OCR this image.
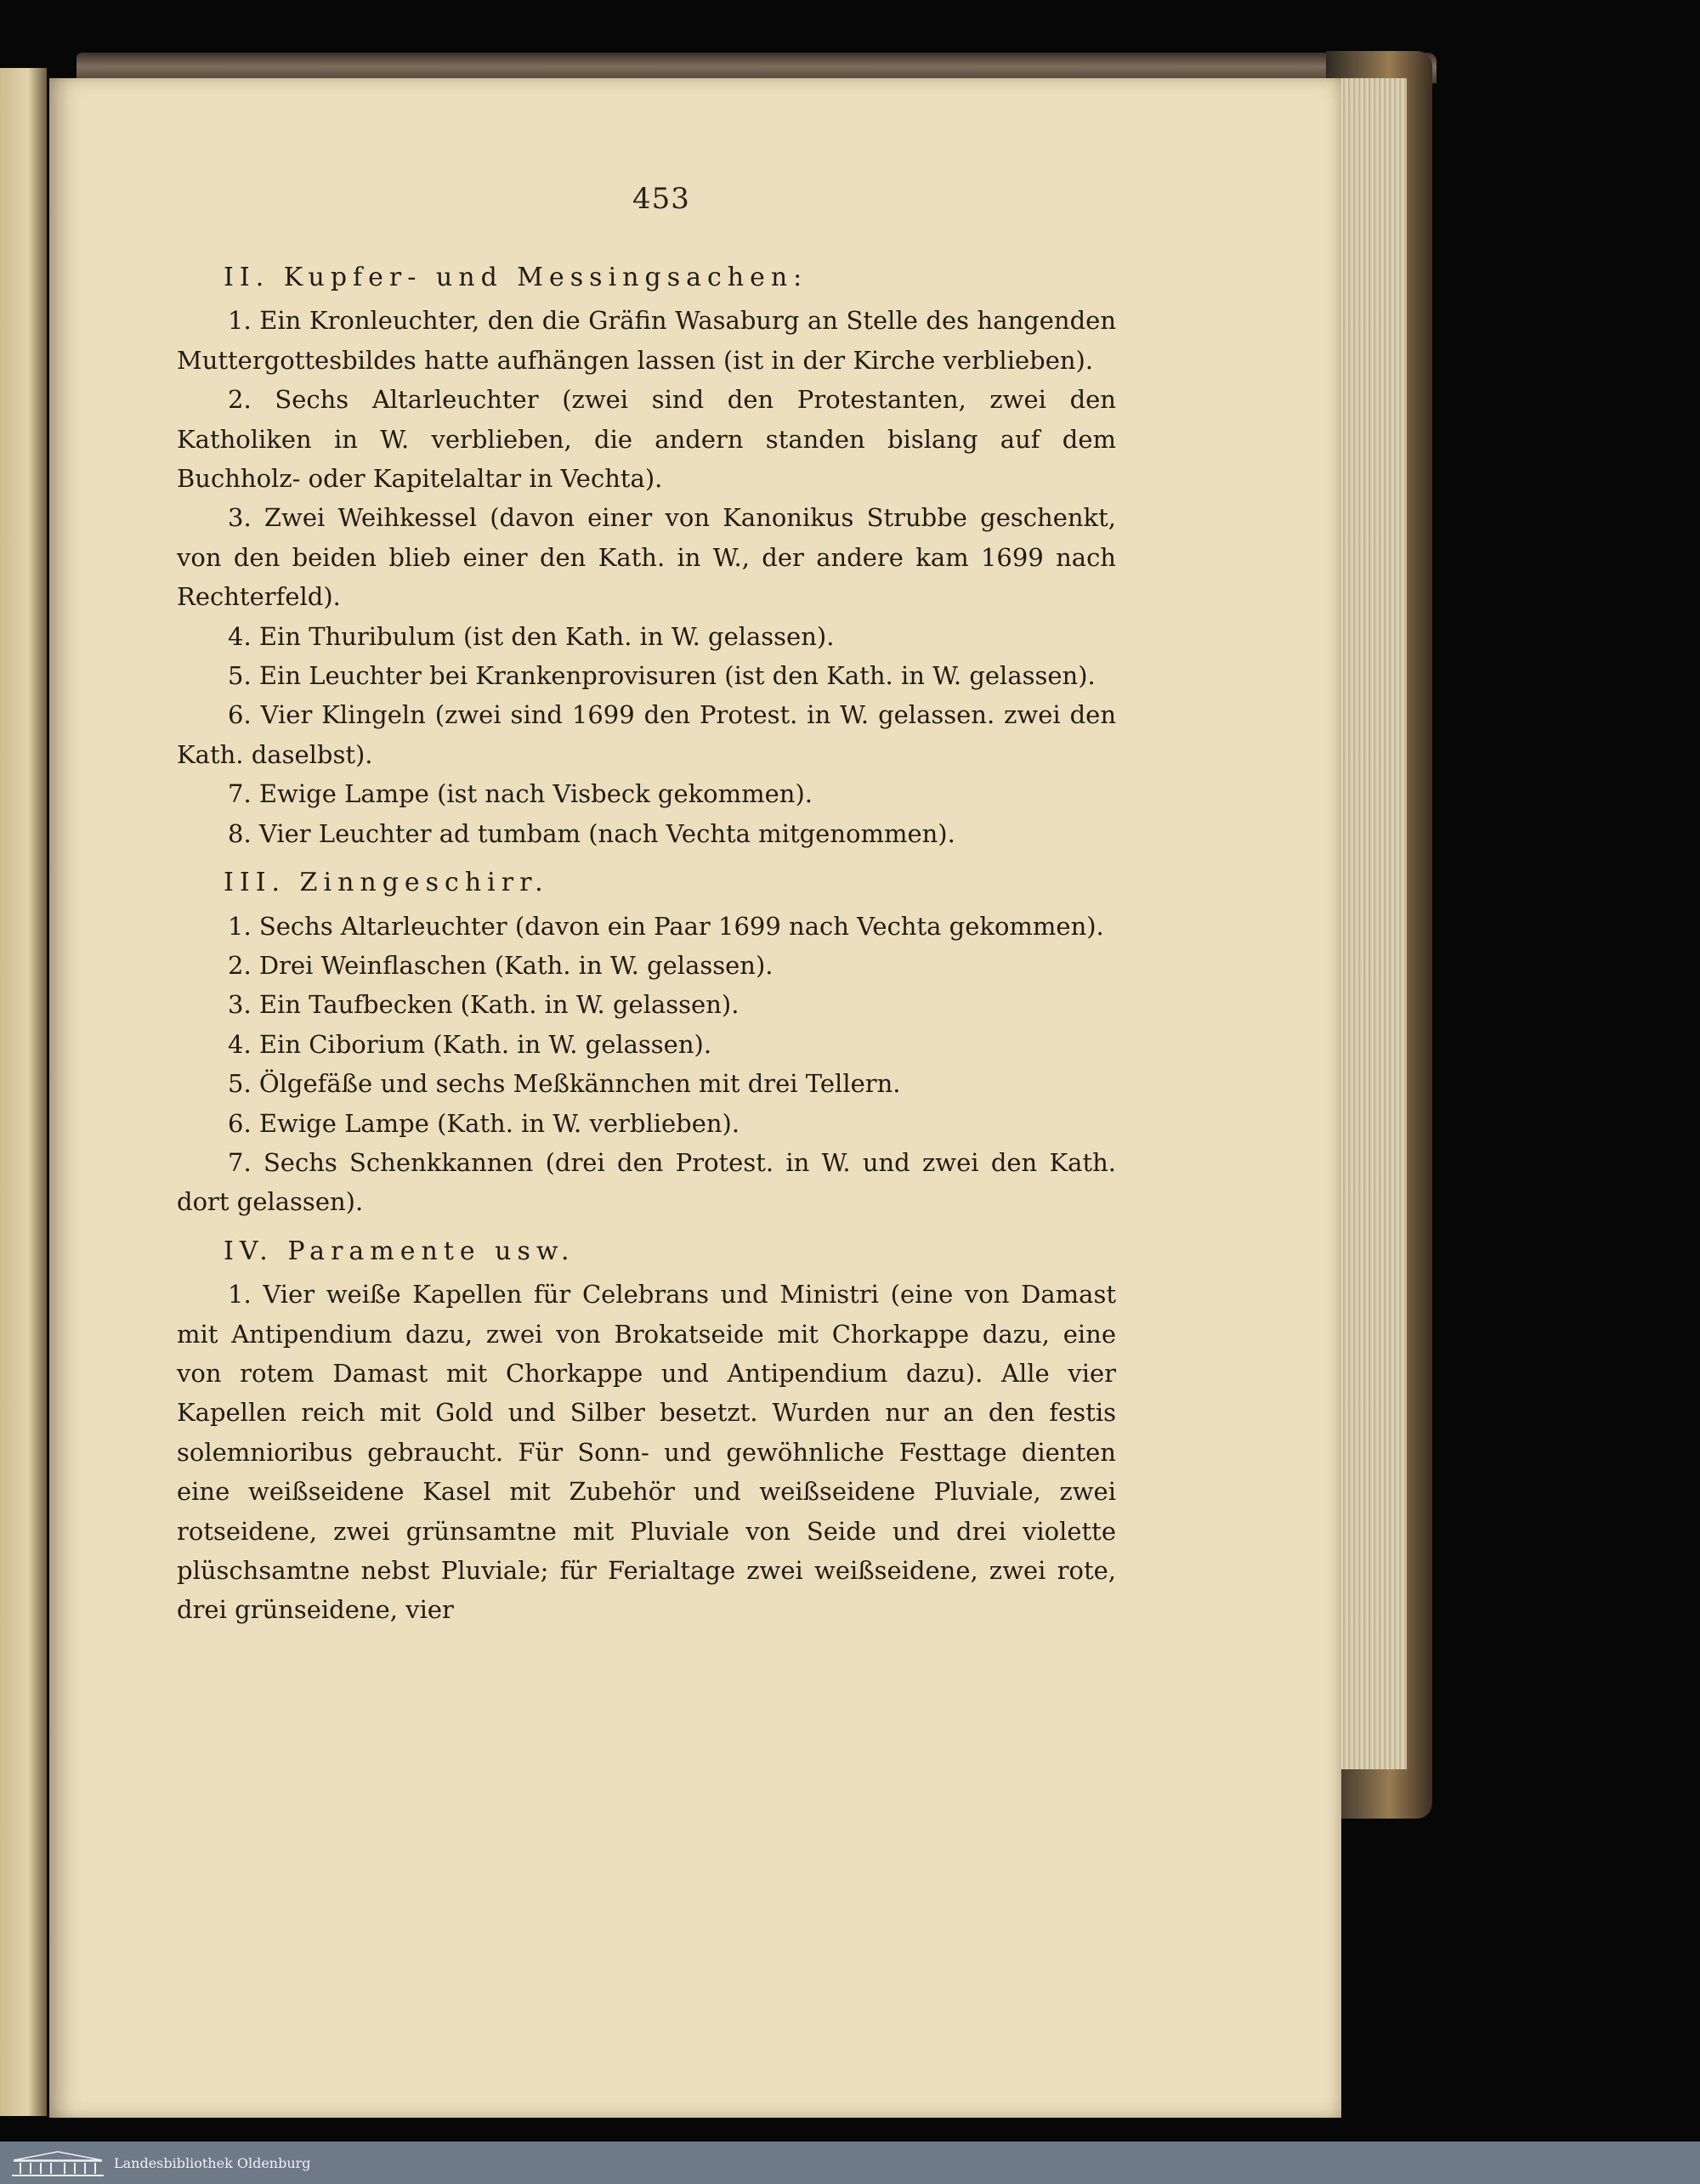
453

II. Kupfer- und Messingsachen:

1. Ein Kronleuchter, den die Gräfin Wasaburg an Stelle des hangenden Muttergottesbildes hatte aufhängen lassen (ist in der Kirche verblieben).

2. Sechs Altarleuchter (zwei sind den Protestanten, zwei den Katholiken in W. verblieben, die andern standen bislang auf dem Buchholz- oder Kapitelaltar in Vechta).

3. Zwei Weihkessel (davon einer von Kanonikus Strubbe geschenkt, von den beiden blieb einer den Kath. in W., der andere kam 1699 nach Rechterfeld).

4. Ein Thuribulum (ist den Kath. in W. gelassen).

5. Ein Leuchter bei Krankenprovisuren (ist den Kath. in W. gelassen).

6. Vier Klingeln (zwei sind 1699 den Protest. in W. gelassen. zwei den Kath. daselbst).

7. Ewige Lampe (ist nach Visbeck gekommen).

8. Vier Leuchter ad tumbam (nach Vechta mitgenommen).

III. Zinngeschirr.

1. Sechs Altarleuchter (davon ein Paar 1699 nach Vechta gekommen).

2. Drei Weinflaschen (Kath. in W. gelassen).

3. Ein Taufbecken (Kath. in W. gelassen).

4. Ein Ciborium (Kath. in W. gelassen).

5. Ölgefäße und sechs Meßkännchen mit drei Tellern.

6. Ewige Lampe (Kath. in W. verblieben).

7. Sechs Schenkkannen (drei den Protest. in W. und zwei den Kath. dort gelassen).

IV. Paramente usw.

1. Vier weiße Kapellen für Celebrans und Ministri (eine von Damast mit Antipendium dazu, zwei von Brokatseide mit Chorkappe dazu, eine von rotem Damast mit Chorkappe und Antipendium dazu). Alle vier Kapellen reich mit Gold und Silber besetzt. Wurden nur an den festis solemnioribus gebraucht. Für Sonn- und gewöhnliche Festtage dienten eine weißseidene Kasel mit Zubehör und weißseidene Pluviale, zwei rotseidene, zwei grünsamtne mit Pluviale von Seide und drei violette plüschsamtne nebst Pluviale; für Ferialtage zwei weißseidene, zwei rote, drei grünseidene, vier

Landesbibliothek Oldenburg
